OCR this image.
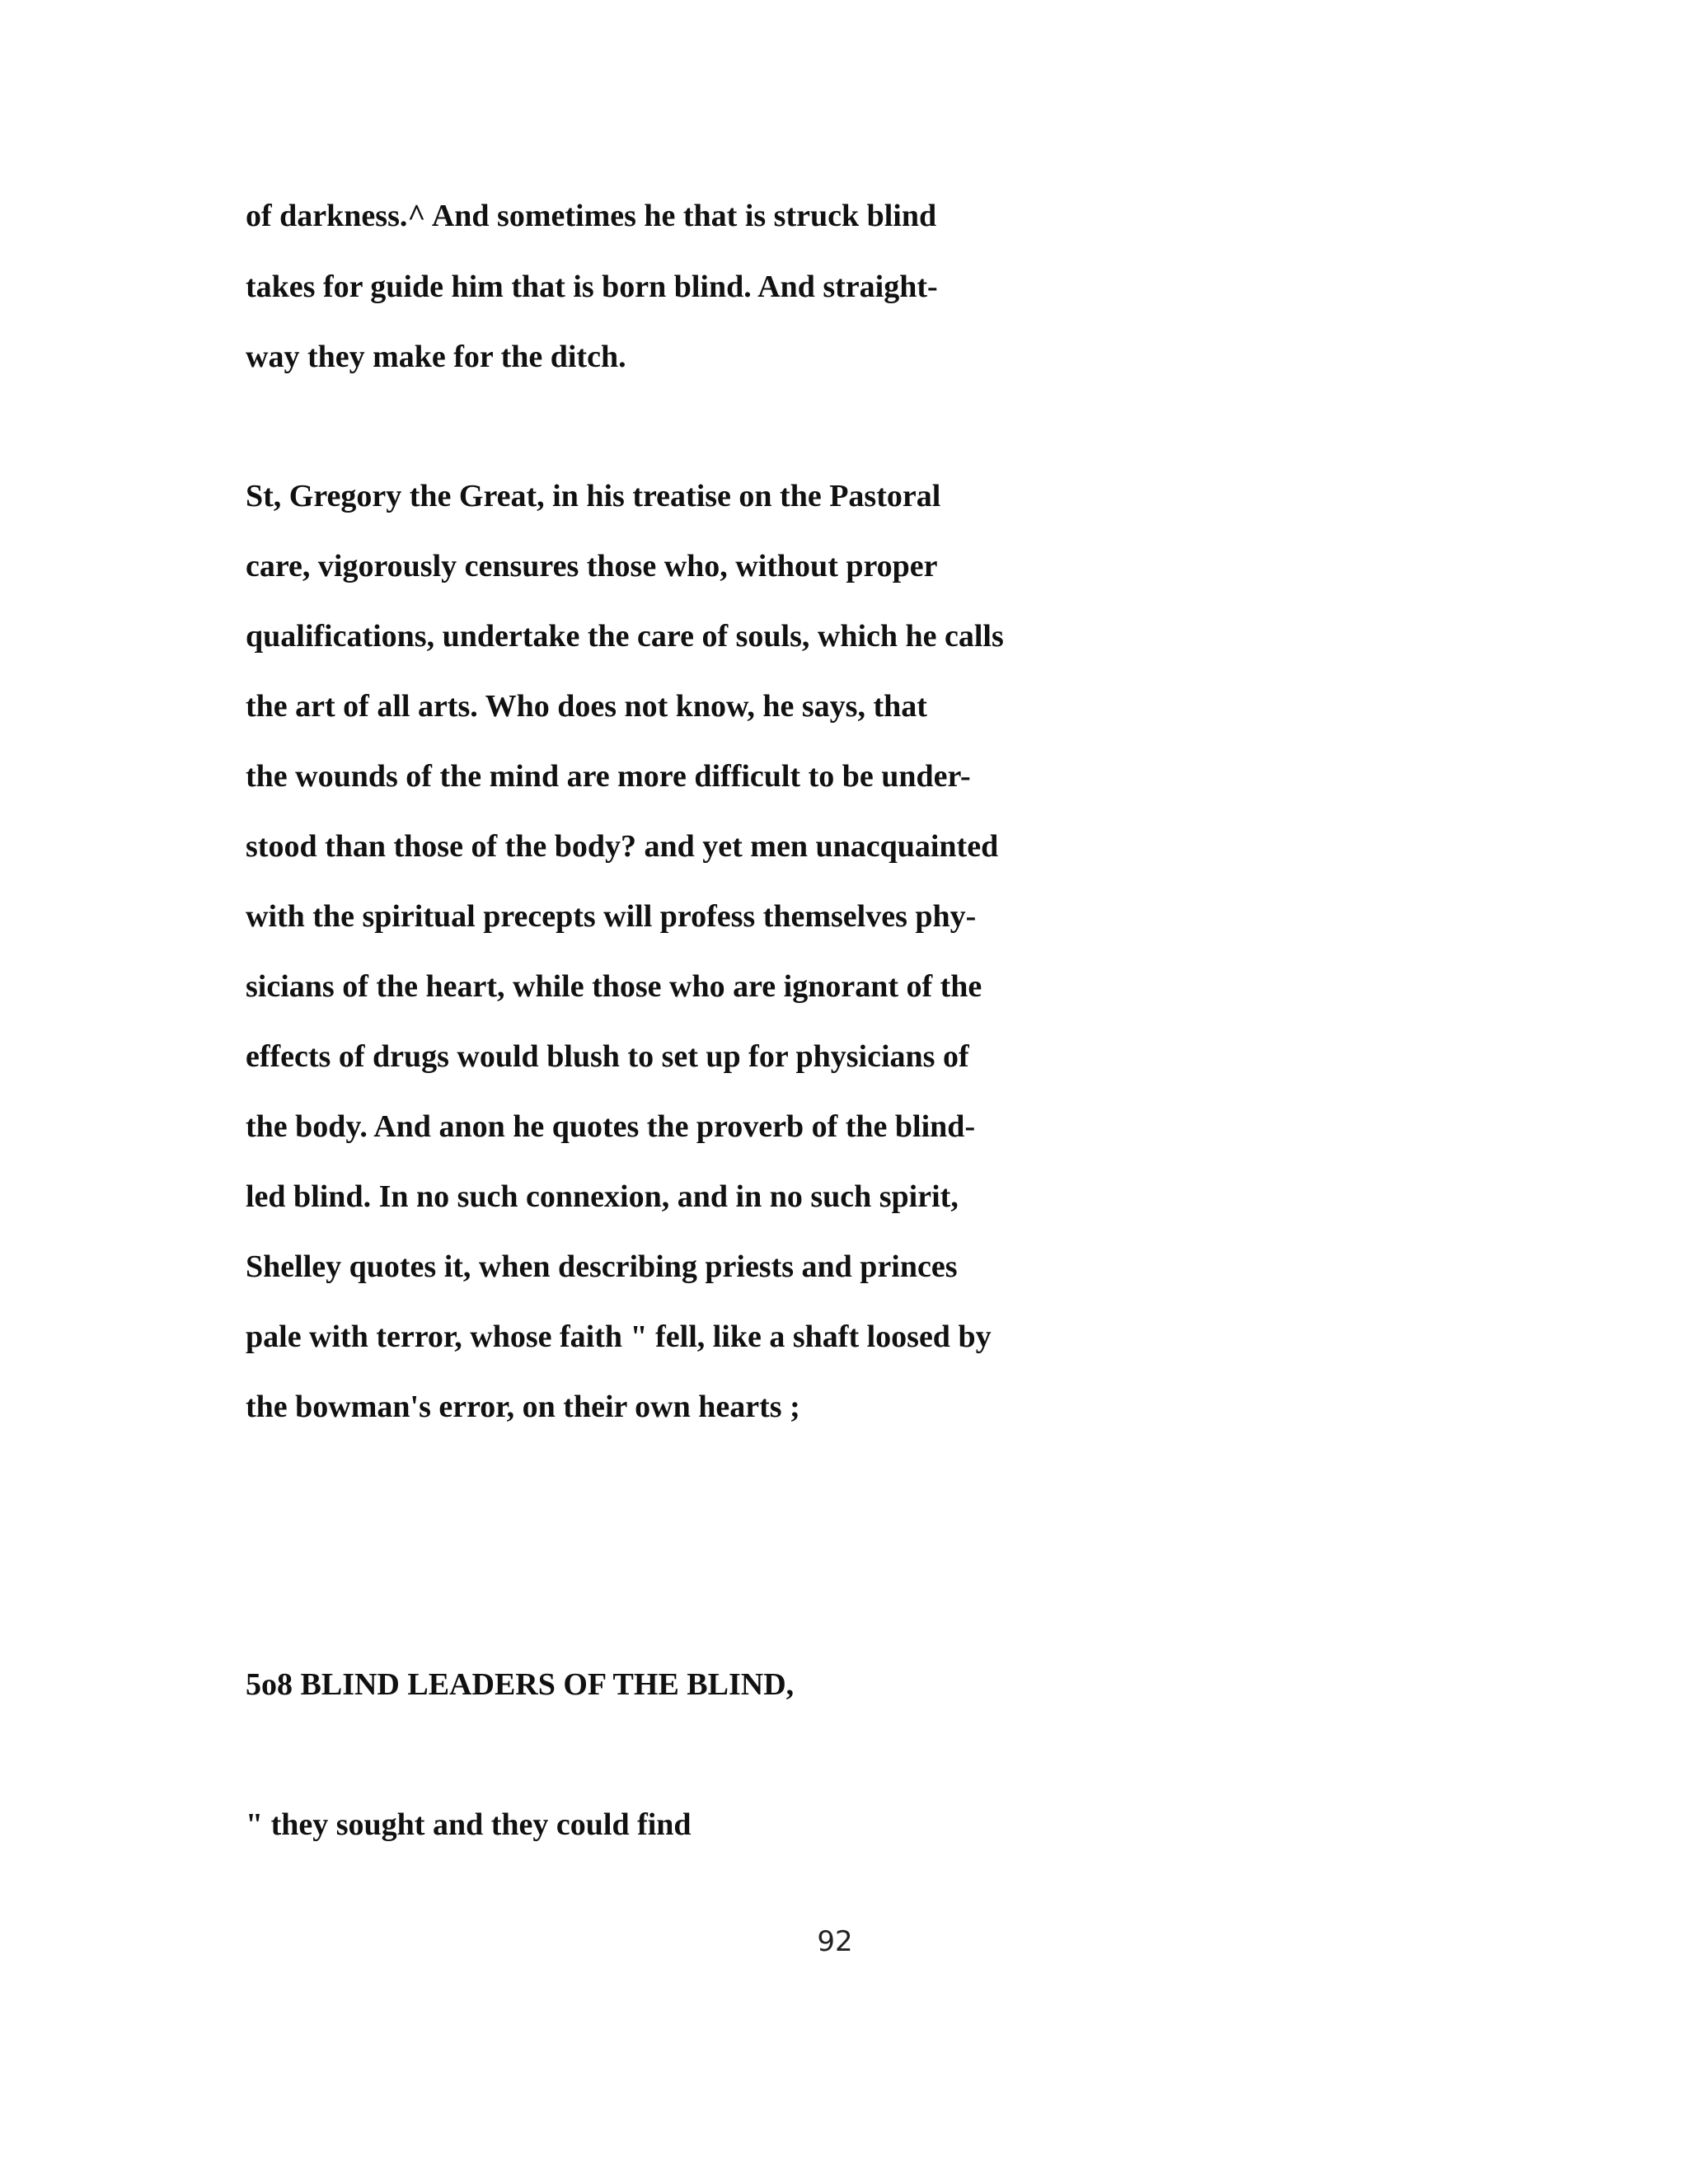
of darkness.^ And sometimes he that is struck blind
takes for guide him that is born blind. And straight-
way they make for the ditch.
St, Gregory the Great, in his treatise on the Pastoral
care, vigorously censures those who, without proper
qualifications, undertake the care of souls, which he calls
the art of all arts. Who does not know, he says, that
the wounds of the mind are more difficult to be under-
stood than those of the body? and yet men unacquainted
with the spiritual precepts will profess themselves phy-
sicians of the heart, while those who are ignorant of the
effects of drugs would blush to set up for physicians of
the body. And anon he quotes the proverb of the blind-
led blind. In no such connexion, and in no such spirit,
Shelley quotes it, when describing priests and princes
pale with terror, whose faith " fell, like a shaft loosed by
the bowman's error, on their own hearts ;
5o8 BLIND LEADERS OF THE BLIND,
" they sought and they could find
92
